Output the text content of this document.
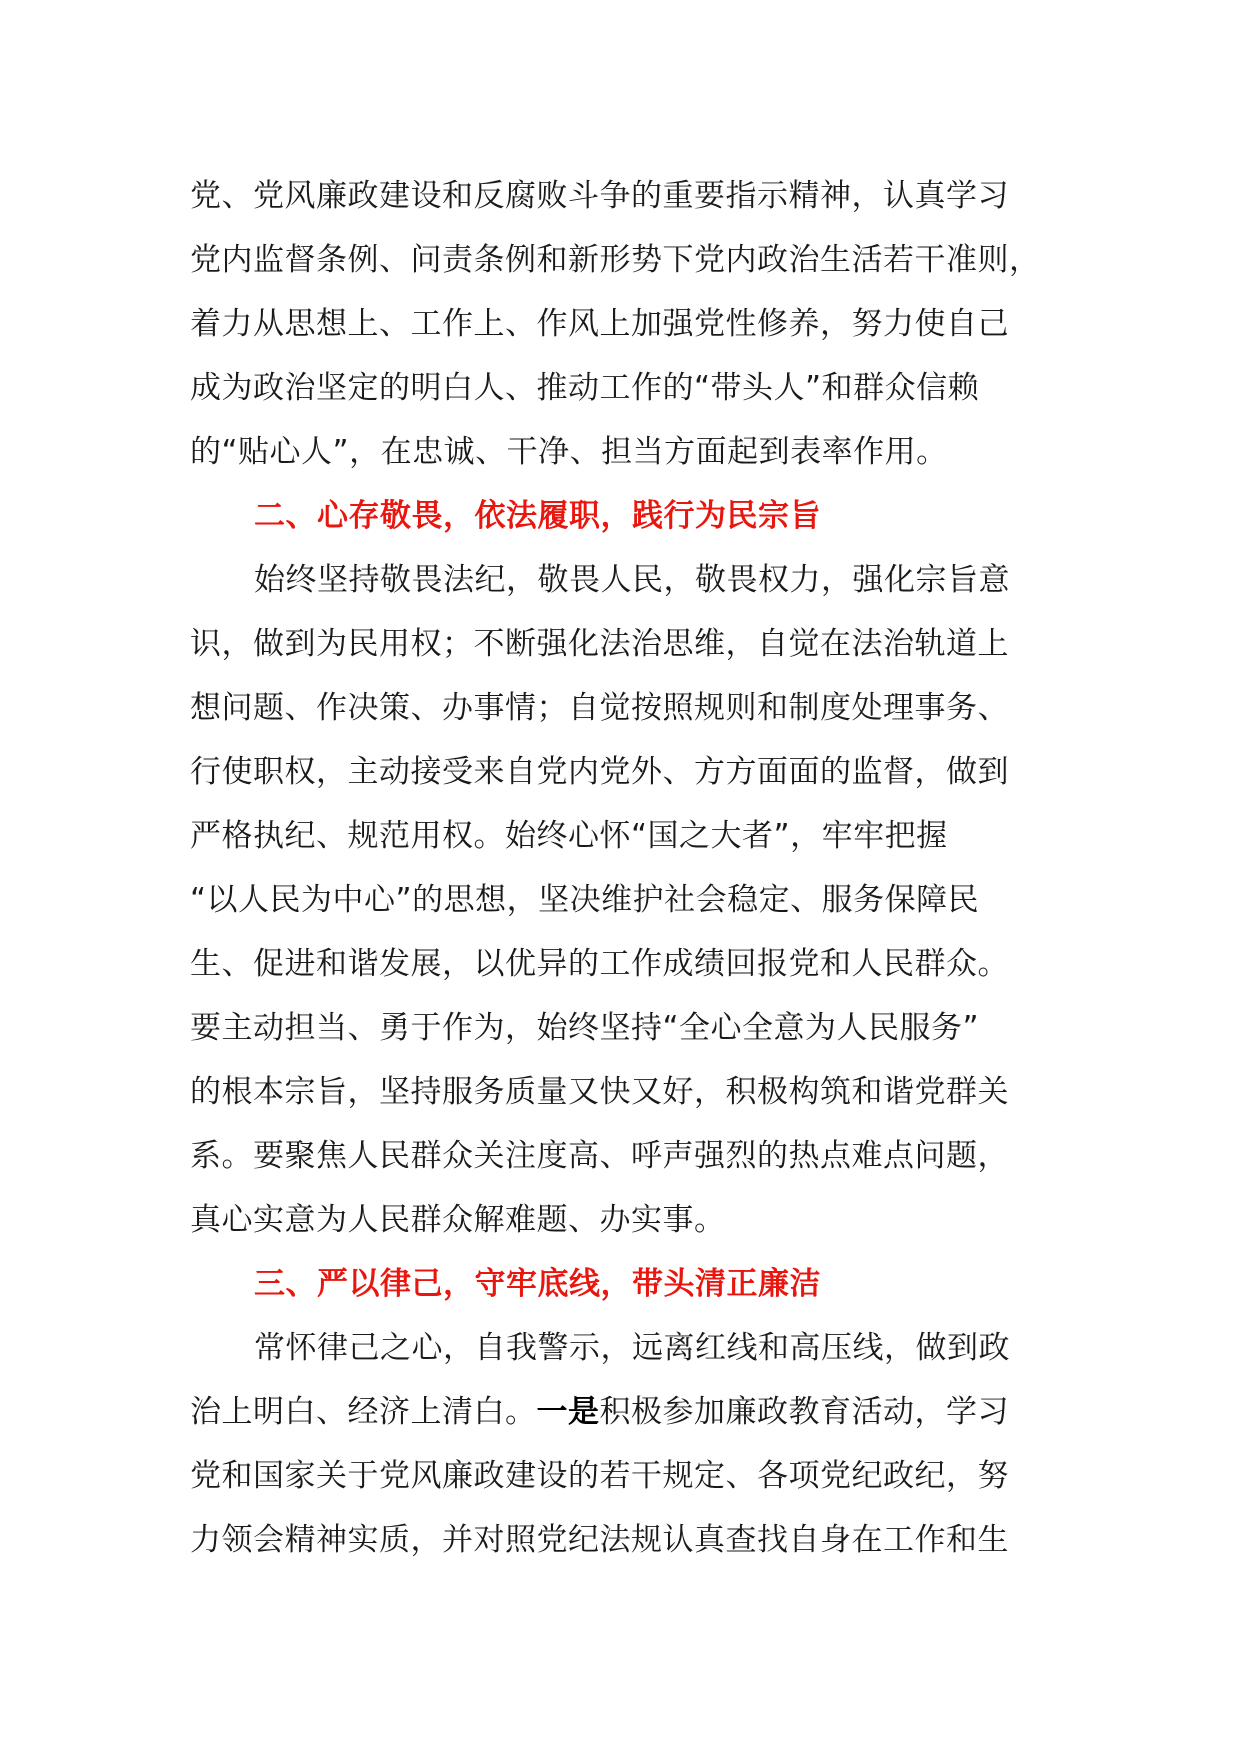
党、党风廉政建设和反腐败斗争的重要指示精神，认真学习
党内监督条例、问责条例和新形势下党内政治生活若干准则，
着力从思想上、工作上、作风上加强党性修养，努力使自己
成为政治坚定的明白人、推动工作的“带头人”和群众信赖
的“贴心人”，在忠诚、干净、担当方面起到表率作用。
二、心存敬畏，依法履职，践行为民宗旨
始终坚持敬畏法纪，敬畏人民，敬畏权力，强化宗旨意
识，做到为民用权；不断强化法治思维，自觉在法治轨道上
想问题、作决策、办事情；自觉按照规则和制度处理事务、
行使职权，主动接受来自党内党外、方方面面的监督，做到
严格执纪、规范用权。始终心怀“国之大者”，牢牢把握
“以人民为中心”的思想，坚决维护社会稳定、服务保障民
生、促进和谐发展，以优异的工作成绩回报党和人民群众。
要主动担当、勇于作为，始终坚持“全心全意为人民服务”
的根本宗旨，坚持服务质量又快又好，积极构筑和谐党群关
系。要聚焦人民群众关注度高、呼声强烈的热点难点问题，
真心实意为人民群众解难题、办实事。
三、严以律己，守牢底线，带头清正廉洁
常怀律己之心，自我警示，远离红线和高压线，做到政
治上明白、经济上清白。一是积极参加廉政教育活动，学习
党和国家关于党风廉政建设的若干规定、各项党纪政纪，努
力领会精神实质，并对照党纪法规认真查找自身在工作和生
